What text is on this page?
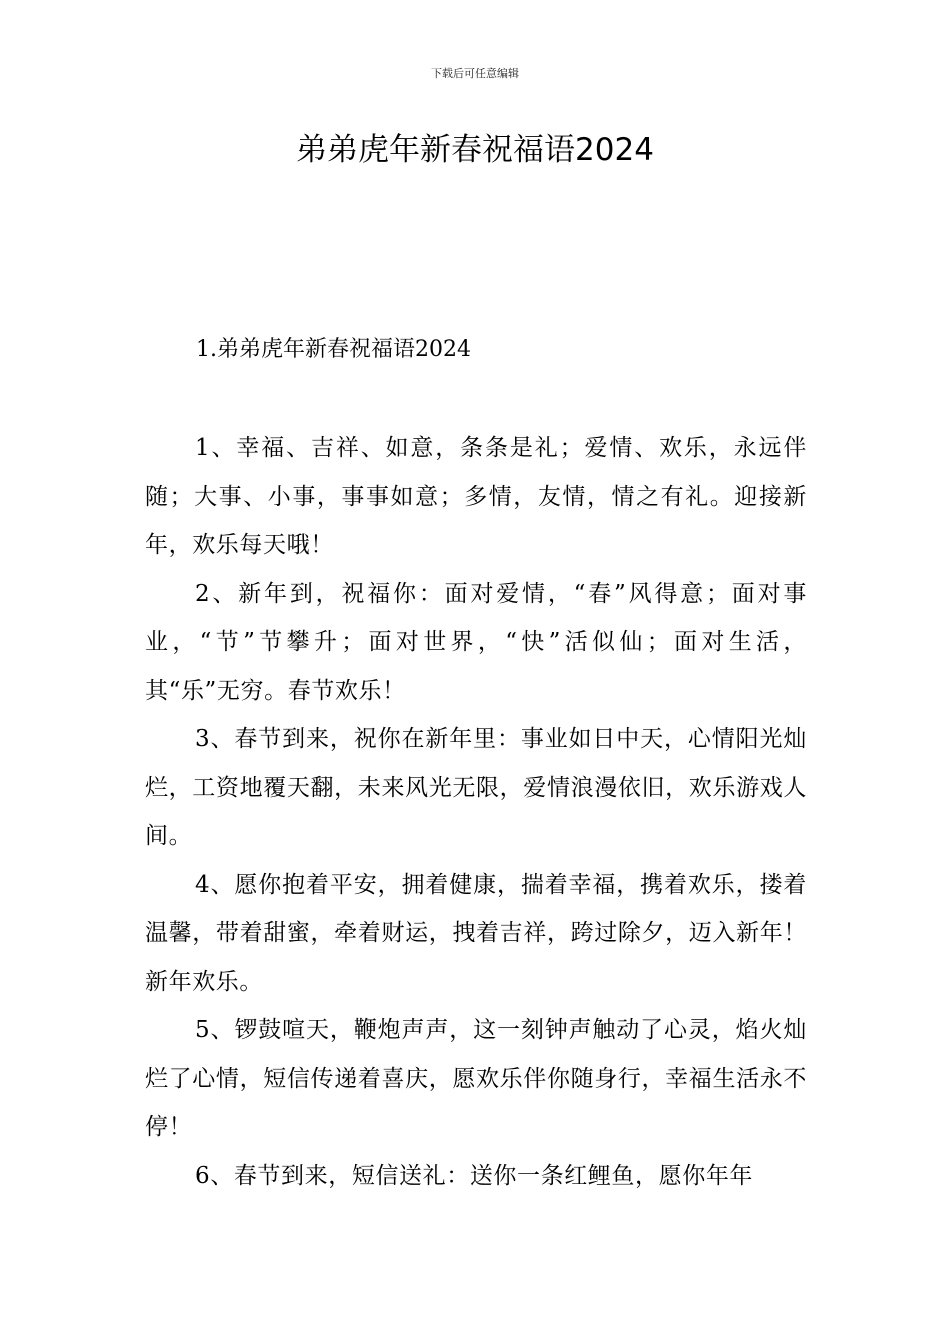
下载后可任意编辑
弟弟虎年新春祝福语2024
1.弟弟虎年新春祝福语2024

1、幸福、吉祥、如意，条条是礼；爱情、欢乐，永远伴随；大事、小事，事事如意；多情，友情，情之有礼。迎接新年，欢乐每天哦！

2、新年到，祝福你：面对爱情，“春”风得意；面对事业，“节”节攀升；面对世界，“快”活似仙；面对生活，其“乐”无穷。春节欢乐！

3、春节到来，祝你在新年里：事业如日中天，心情阳光灿烂，工资地覆天翻，未来风光无限，爱情浪漫依旧，欢乐游戏人间。

4、愿你抱着平安，拥着健康，揣着幸福，携着欢乐，搂着温馨，带着甜蜜，牵着财运，拽着吉祥，跨过除夕，迈入新年！新年欢乐。

5、锣鼓喧天，鞭炮声声，这一刻钟声触动了心灵，焰火灿烂了心情，短信传递着喜庆，愿欢乐伴你随身行，幸福生活永不停！

6、春节到来，短信送礼：送你一条红鲤鱼，愿你年年
